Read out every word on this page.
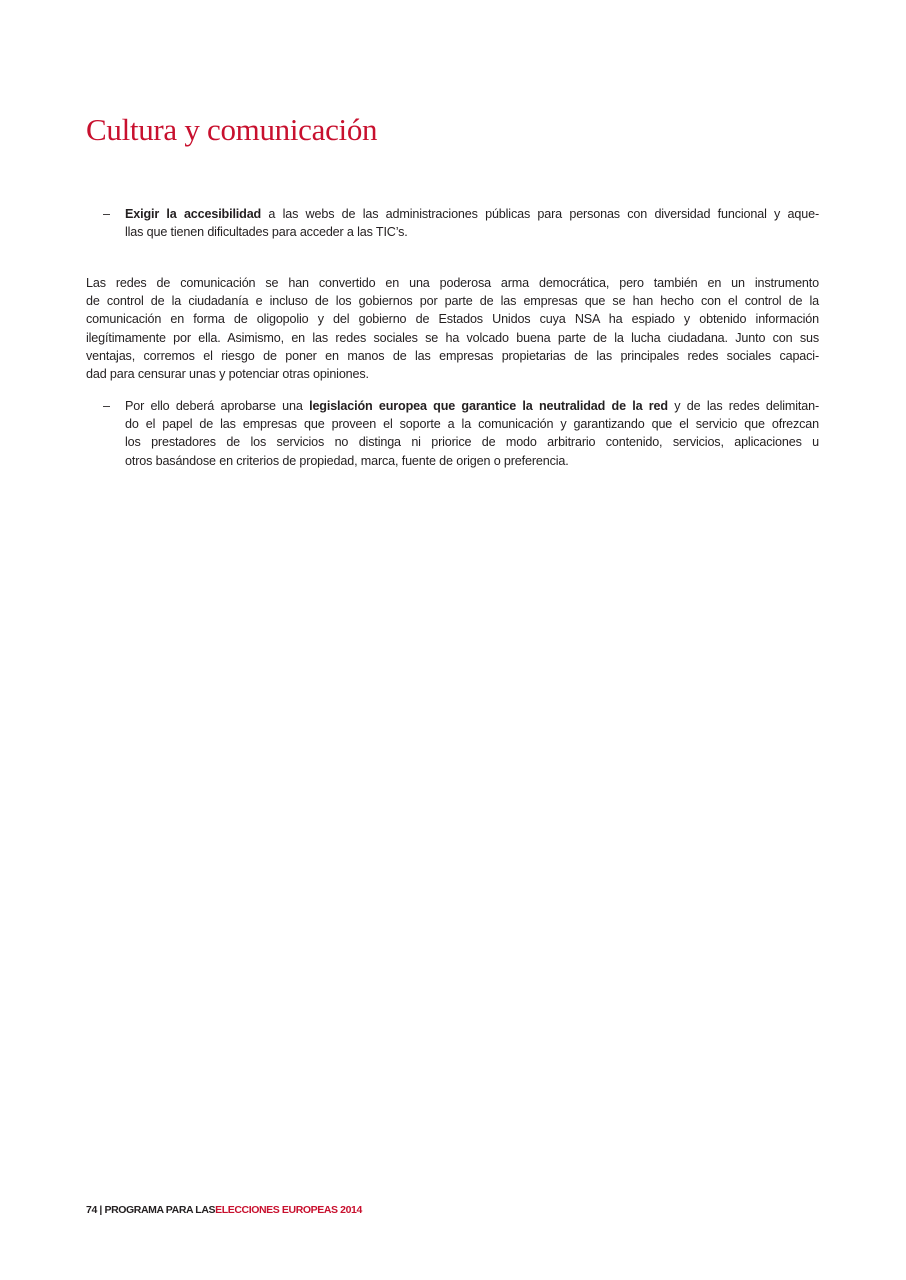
Cultura y comunicación
– Exigir la accesibilidad a las webs de las administraciones públicas para personas con diversidad funcional y aque-
llas que tienen dificultades para acceder a las TIC’s.
Las redes de comunicación se han convertido en una poderosa arma democrática, pero también en un instrumento
de control de la ciudadanía e incluso de los gobiernos por parte de las empresas que se han hecho con el control de la
comunicación en forma de oligopolio y del gobierno de Estados Unidos cuya NSA ha espiado y obtenido información
ilegítimamente por ella. Asimismo, en las redes sociales se ha volcado buena parte de la lucha ciudadana. Junto con sus
ventajas, corremos el riesgo de poner en manos de las empresas propietarias de las principales redes sociales capaci-
dad para censurar unas y potenciar otras opiniones.
– Por ello deberá aprobarse una legislación europea que garantice la neutralidad de la red y de las redes delimitan-
do el papel de las empresas que proveen el soporte a la comunicación y garantizando que el servicio que ofrezcan
los prestadores de los servicios no distinga ni priorice de modo arbitrario contenido, servicios, aplicaciones u
otros basándose en criterios de propiedad, marca, fuente de origen o preferencia.
74 | PROGRAMA PARA LASELECCIONES EUROPEAS 2014
